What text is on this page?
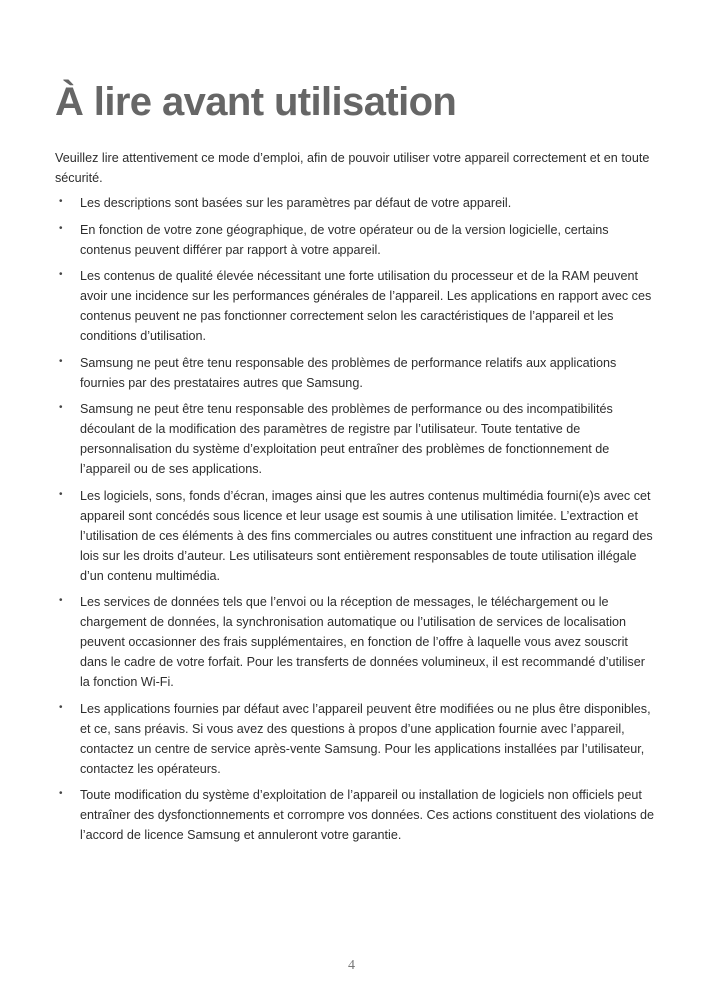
À lire avant utilisation

Veuillez lire attentivement ce mode d’emploi, afin de pouvoir utiliser votre appareil correctement et en toute sécurité.

• Les descriptions sont basées sur les paramètres par défaut de votre appareil.
• En fonction de votre zone géographique, de votre opérateur ou de la version logicielle, certains contenus peuvent différer par rapport à votre appareil.
• Les contenus de qualité élevée nécessitant une forte utilisation du processeur et de la RAM peuvent avoir une incidence sur les performances générales de l’appareil. Les applications en rapport avec ces contenus peuvent ne pas fonctionner correctement selon les caractéristiques de l’appareil et les conditions d’utilisation.
• Samsung ne peut être tenu responsable des problèmes de performance relatifs aux applications fournies par des prestataires autres que Samsung.
• Samsung ne peut être tenu responsable des problèmes de performance ou des incompatibilités découlant de la modification des paramètres de registre par l’utilisateur. Toute tentative de personnalisation du système d’exploitation peut entraîner des problèmes de fonctionnement de l’appareil ou de ses applications.
• Les logiciels, sons, fonds d’écran, images ainsi que les autres contenus multimédia fourni(e)s avec cet appareil sont concédés sous licence et leur usage est soumis à une utilisation limitée. L’extraction et l’utilisation de ces éléments à des fins commerciales ou autres constituent une infraction au regard des lois sur les droits d’auteur. Les utilisateurs sont entièrement responsables de toute utilisation illégale d’un contenu multimédia.
• Les services de données tels que l’envoi ou la réception de messages, le téléchargement ou le chargement de données, la synchronisation automatique ou l’utilisation de services de localisation peuvent occasionner des frais supplémentaires, en fonction de l’offre à laquelle vous avez souscrit dans le cadre de votre forfait. Pour les transferts de données volumineux, il est recommandé d’utiliser la fonction Wi-Fi.
• Les applications fournies par défaut avec l’appareil peuvent être modifiées ou ne plus être disponibles, et ce, sans préavis. Si vous avez des questions à propos d’une application fournie avec l’appareil, contactez un centre de service après-vente Samsung. Pour les applications installées par l’utilisateur, contactez les opérateurs.
• Toute modification du système d’exploitation de l’appareil ou installation de logiciels non officiels peut entraîner des dysfonctionnements et corrompre vos données. Ces actions constituent des violations de l’accord de licence Samsung et annuleront votre garantie.
4
